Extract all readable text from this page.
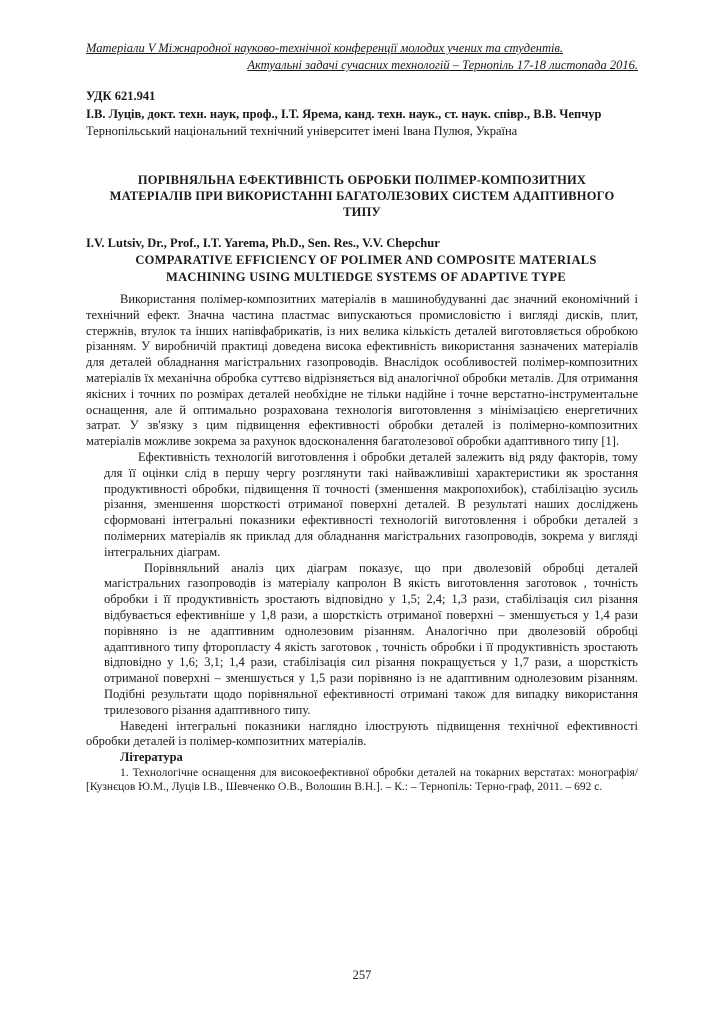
Матеріали V Міжнародної науково-технічної конференції молодих учених та студентів.
Актуальні задачі сучасних технологій – Тернопіль 17-18 листопада 2016.
УДК 621.941
І.В. Луців, докт. техн. наук, проф., І.Т. Ярема, канд. техн. наук., ст. наук. співр., В.В. Чепчур
Тернопільський національний технічний університет імені Івана Пулюя, Україна
ПОРІВНЯЛЬНА ЕФЕКТИВНІСТЬ ОБРОБКИ ПОЛІМЕР-КОМПОЗИТНИХ МАТЕРІАЛІВ ПРИ ВИКОРИСТАННІ БАГАТОЛЕЗОВИХ СИСТЕМ АДАПТИВНОГО ТИПУ
I.V. Lutsiv, Dr., Prof., I.T. Yarema, Ph.D., Sen. Res., V.V. Chepchur
COMPARATIVE EFFICIENCY OF POLIMER AND COMPOSITE MATERIALS MACHINING USING MULTIEDGE SYSTEMS OF ADAPTIVE TYPE

Використання полімер-композитних матеріалів в машинобудуванні дає значний економічний і технічний ефект. Значна частина пластмас випускаються промисловістю і вигляді дисків, плит, стержнів, втулок та інших напівфабрикатів, із них велика кількість деталей виготовляється обробкою різанням. У виробничій практиці доведена висока ефективність використання зазначених матеріалів для деталей обладнання магістральних газопроводів. Внаслідок особливостей полімер-композитних матеріалів їх механічна обробка суттєво відрізняється від аналогічної обробки металів. Для отримання якісних і точних по розмірах деталей необхідне не тільки надійне і точне верстатно-інструментальне оснащення, але й оптимально розрахована технологія виготовлення з мінімізацією енергетичних затрат. У зв'язку з цим підвищення ефективності обробки деталей із полімерно-композитних матеріалів можливе зокрема за рахунок вдосконалення багатолезової обробки адаптивного типу [1].

Ефективність технологій виготовлення і обробки деталей залежить від ряду факторів, тому для її оцінки слід в першу чергу розглянути такі найважливіші характеристики як зростання продуктивності обробки, підвищення її точності (зменшення макропохибок), стабілізацію зусиль різання, зменшення шорсткості отриманої поверхні деталей. В результаті наших досліджень сформовані інтегральні показники ефективності технологій виготовлення і обробки деталей з полімерних матеріалів як приклад для обладнання магістральних газопроводів, зокрема у вигляді інтегральних діаграм.

Порівняльний аналіз цих діаграм показує, що при дволезовій обробці деталей магістральних газопроводів із матеріалу капролон В якість виготовлення заготовок , точність обробки і її продуктивність зростають відповідно у 1,5; 2,4; 1,3 рази, стабілізація сил різання відбувається ефективніше у 1,8 рази, а шорсткість отриманої поверхні – зменшується у 1,4 рази порівняно із не адаптивним однолезовим різанням. Аналогічно при дволезовій обробці адаптивного типу фторопласту 4 якість заготовок , точність обробки і її продуктивність зростають відповідно у 1,6; 3,1; 1,4 рази, стабілізація сил різання покращується у 1,7 рази, а шорсткість отриманої поверхні – зменшується у 1,5 рази порівняно із не адаптивним однолезовим різанням. Подібні результати щодо порівняльної ефективності отримані також для випадку використання трилезового різання адаптивного типу.

Наведені інтегральні показники наглядно ілюструють підвищення технічної ефективності обробки деталей із полімер-композитних матеріалів.

Література

1. Технологічне оснащення для високоефективної обробки деталей на токарних верстатах: монографія/ [Кузнєцов Ю.М., Луців І.В., Шевченко О.В., Волошин В.Н.]. – К.: – Тернопіль: Терно-граф, 2011. – 692 с.

257
